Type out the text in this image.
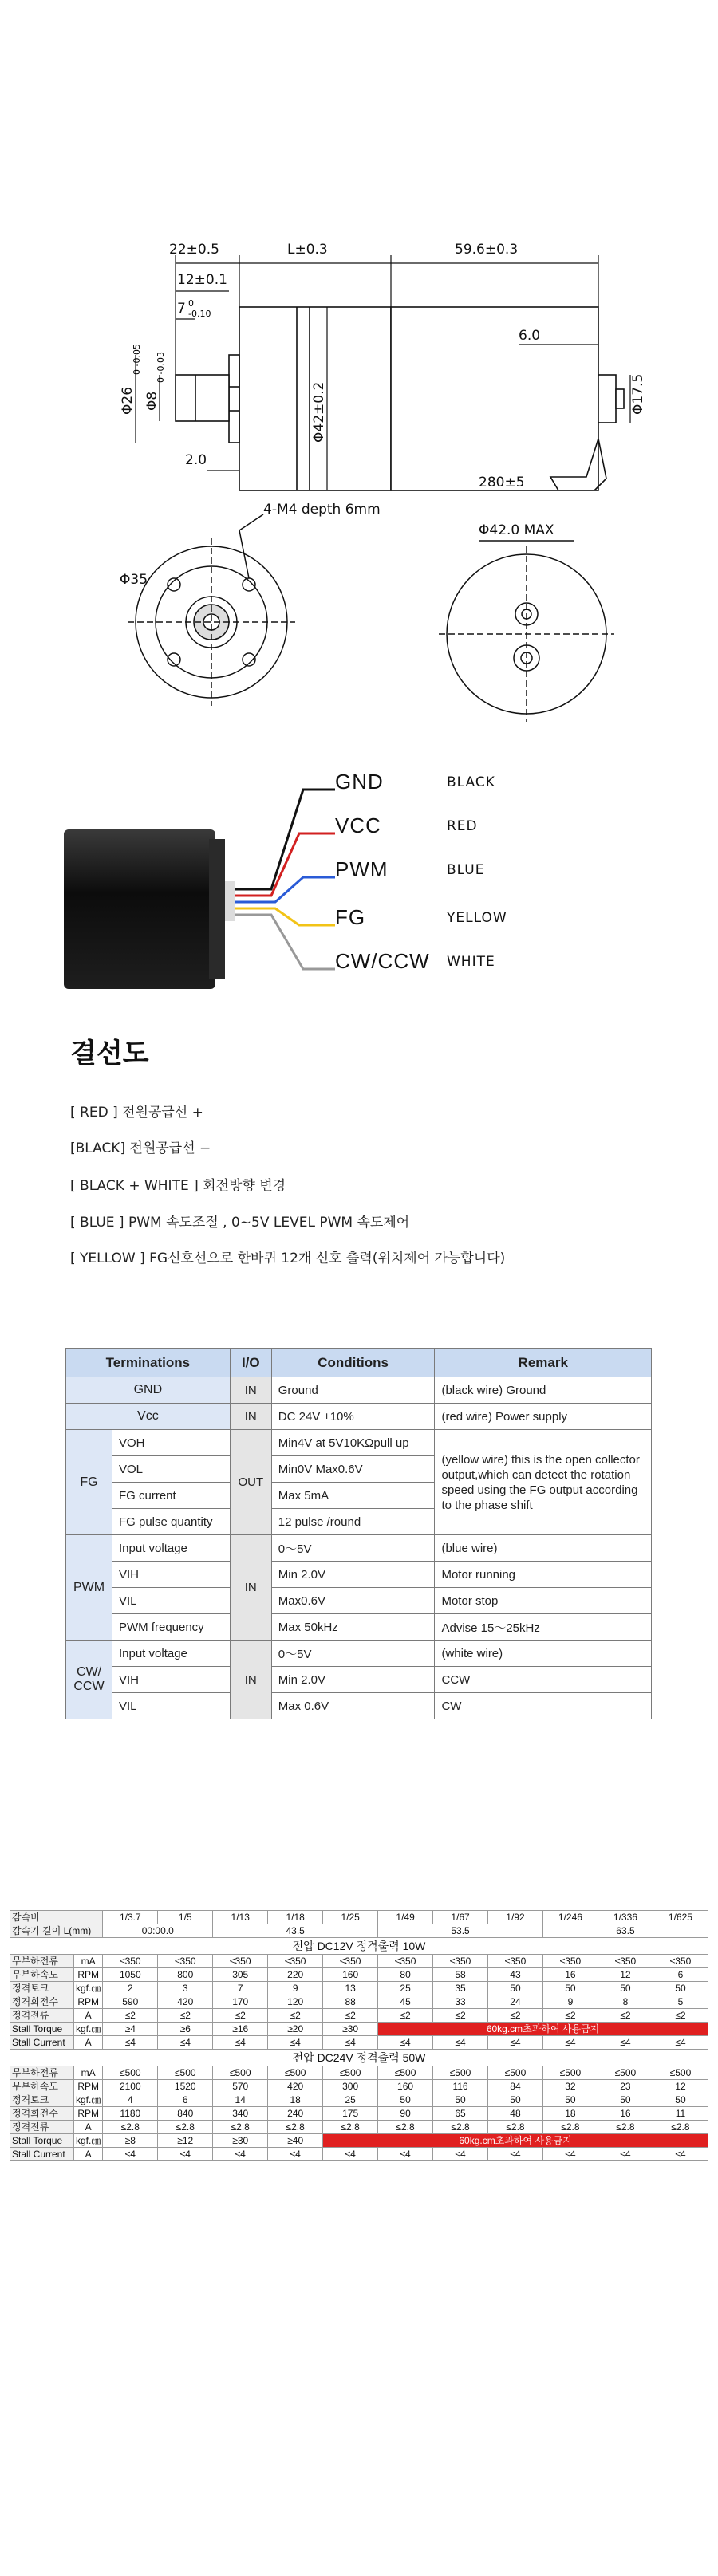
22±0.5	L±0.3	59.6±0.3
12±0.1
7 0
-0.10
Φ26
0 -0.05
Φ8
0 -0.03
Φ42±0.2
6.0
Φ17.5
2.0
280±5
4-M4 depth 6mm
Φ35
Φ42.0 MAX
GND	BLACK
VCC	RED
PWM	BLUE
FG	YELLOW
CW/CCW WHITE
결선도
[ RED ] 전원공급선 +
[BLACK] 전원공급선 −
[ BLACK + WHITE ] 회전방향 변경
[ BLUE ] PWM 속도조절 , 0~5V LEVEL PWM 속도제어
[ YELLOW ] FG신호선으로 한바퀴 12개 신호 출력(위치제어 가능합니다)
Terminations		I/O	Conditions	Remark
GND		IN	Ground	(black wire) Ground
Vcc		IN	DC 24V ±10%	(red wire) Power supply
FG	VOH	OUT	Min4V at 5V10KΩpull up	(yellow wire) this is the open collector output,which can detect the rotation speed using the FG output according to the phase shift
	VOL		Min0V Max0.6V	
	FG current		Max 5mA	
	FG pulse quantity		12 pulse /round	
PWM	Input voltage	IN	0～5V	(blue wire)
	VIH		Min 2.0V	Motor running
	VIL		Max0.6V	Motor stop
	PWM frequency		Max 50kHz	Advise 15～25kHz
CW/ CCW	Input voltage	IN	0～5V	(white wire)
	VIH		Min 2.0V	CCW
	VIL		Max 0.6V	CW
감속비		1/3.7	1/5	1/13	1/18	1/25	1/49	1/67	1/92	1/246	1/336	1/625
감속기 길이 L(mm)		00:00.0		43.5			53.5			63.5		
전압 DC12V 정격출력 10W												
무부하전류	mA	≤350	≤350	≤350	≤350	≤350	≤350	≤350	≤350	≤350	≤350	≤350
무부하속도	RPM	1050	800	305	220	160	80	58	43	16	12	6
정격토크	kgf.㎝	2	3	7	9	13	25	35	50	50	50	50
정격회전수	RPM	590	420	170	120	88	45	33	24	9	8	5
정격전류	A	≤2	≤2	≤2	≤2	≤2	≤2	≤2	≤2	≤2	≤2	≤2
Stall Torque	kgf.㎝	≥4	≥6	≥16	≥20	≥30	60kg.cm초과하여 사용금지					
Stall Current	A	≤4	≤4	≤4	≤4	≤4	≤4	≤4	≤4	≤4	≤4	≤4
전압 DC24V 정격출력 50W												
무부하전류	mA	≤500	≤500	≤500	≤500	≤500	≤500	≤500	≤500	≤500	≤500	≤500
무부하속도	RPM	2100	1520	570	420	300	160	116	84	32	23	12
정격토크	kgf.㎝	4	6	14	18	25	50	50	50	50	50	50
정격회전수	RPM	1180	840	340	240	175	90	65	48	18	16	11
정격전류	A	≤2.8	≤2.8	≤2.8	≤2.8	≤2.8	≤2.8	≤2.8	≤2.8	≤2.8	≤2.8	≤2.8
Stall Torque	kgf.㎝	≥8	≥12	≥30	≥40	60kg.cm초과하여 사용금지						
Stall Current	A	≤4	≤4	≤4	≤4	≤4	≤4	≤4	≤4	≤4	≤4	≤4
